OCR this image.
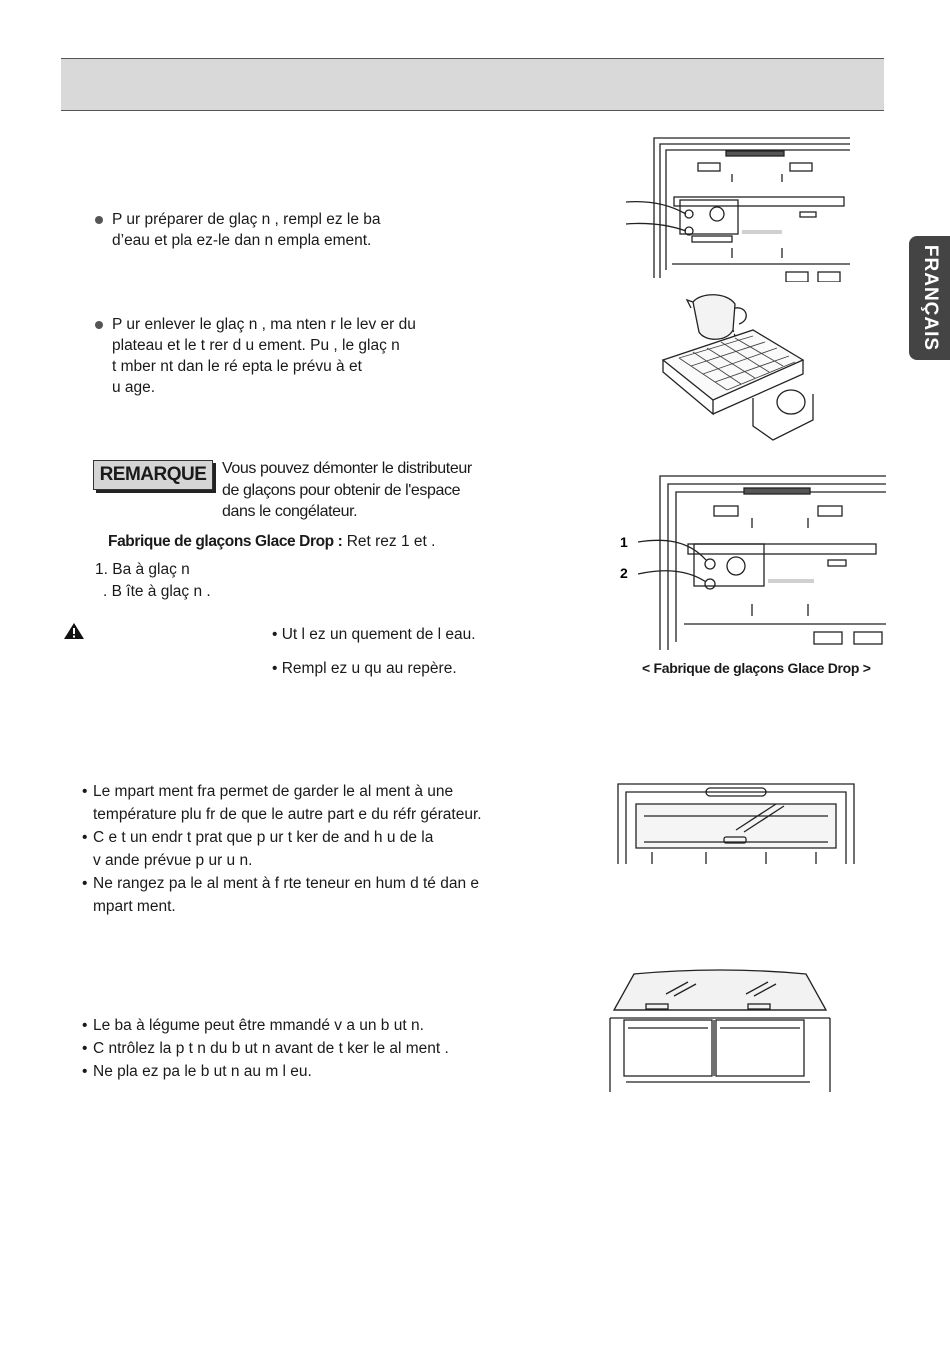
FRANÇAIS
P ur préparer de glaç n , rempl ez le ba
d’eau et pla ez-le dan n empla ement.
P ur enlever le glaç n , ma nten r le lev er du
plateau et le t rer d u ement. Pu , le glaç n
t mber nt dan le ré epta le prévu à et
u age.
REMARQUE Vous pouvez démonter le distributeur
de glaçons pour obtenir de l'espace
dans le congélateur.
Fabrique de glaçons Glace Drop : Ret rez 1 et .
1. Ba à glaç n
. B îte à glaç n .
• Ut l ez un quement de l eau.
• Rempl ez u qu au repère.
1
2
< Fabrique de glaçons Glace Drop >
• Le mpart ment fra permet de garder le al ment à une
température plu fr de que le autre part e du réfr gérateur.
• C e t un endr t prat que p ur t ker de and h u de la
v ande prévue p ur u n.
• Ne rangez pa le al ment à f rte teneur en hum d té dan e
mpart ment.
• Le ba à légume peut être mmandé v a un b ut n.
• C ntrôlez la p t n du b ut n avant de t ker le al ment .
• Ne pla ez pa le b ut n au m l eu.
